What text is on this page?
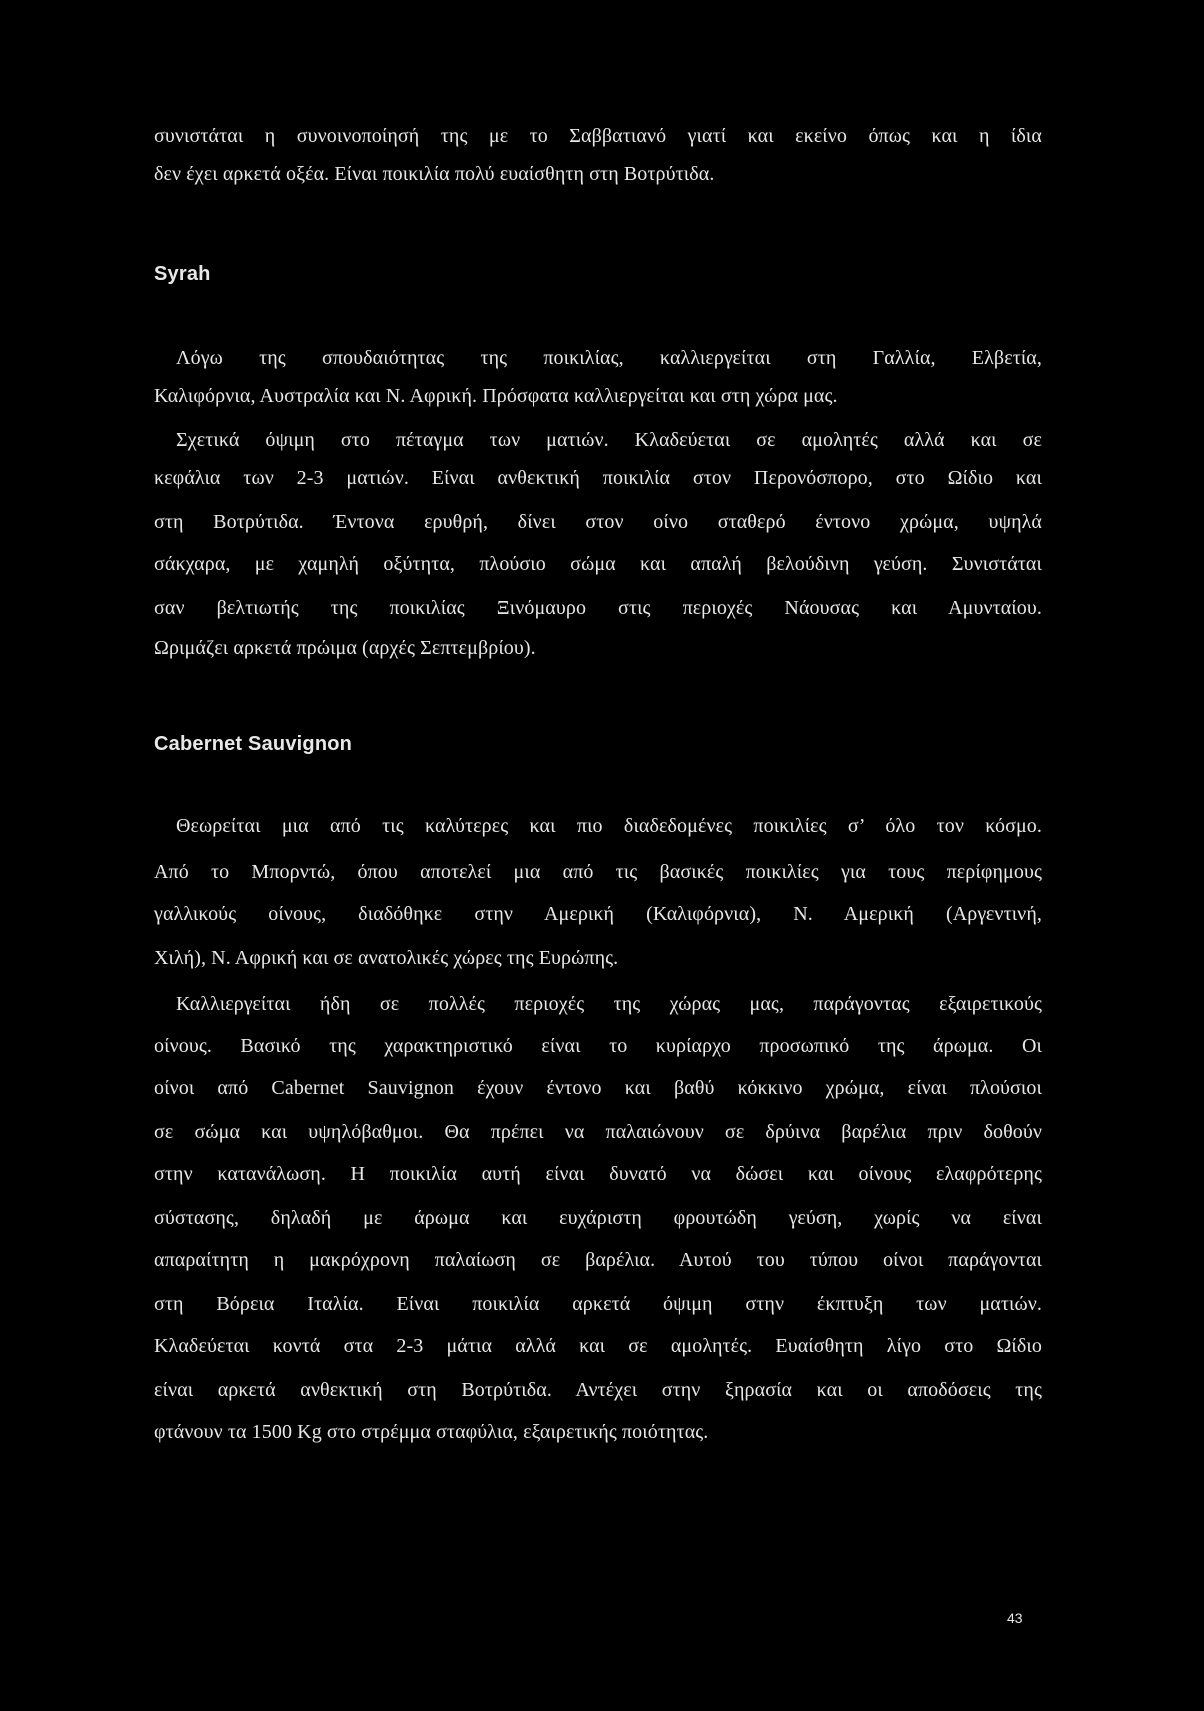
συνιστάται η συνοινοποίησή της με το Σαββατιανό γιατί και εκείνο όπως και η ίδια
δεν έχει αρκετά οξέα. Είναι ποικιλία πολύ ευαίσθητη στη Βοτρύτιδα.
Syrah
Λόγω της σπουδαιότητας της ποικιλίας, καλλιεργείται στη Γαλλία, Ελβετία,
Καλιφόρνια, Αυστραλία και Ν. Αφρική. Πρόσφατα καλλιεργείται και στη χώρα μας.
Σχετικά όψιμη στο πέταγμα των ματιών. Κλαδεύεται σε αμολητές αλλά και σε
κεφάλια των 2-3 ματιών. Είναι ανθεκτική ποικιλία στον Περονόσπορο, στο Ωίδιο και
στη Βοτρύτιδα. Έντονα ερυθρή, δίνει στον οίνο σταθερό έντονο χρώμα, υψηλά
σάκχαρα, με χαμηλή οξύτητα, πλούσιο σώμα και απαλή βελούδινη γεύση. Συνιστάται
σαν βελτιωτής της ποικιλίας Ξινόμαυρο στις περιοχές Νάουσας και Αμυνταίου.
Ωριμάζει αρκετά πρώιμα (αρχές Σεπτεμβρίου).
Cabernet Sauvignon
Θεωρείται μια από τις καλύτερες και πιο διαδεδομένες ποικιλίες σ’ όλο τον κόσμο.
Από το Μπορντώ, όπου αποτελεί μια από τις βασικές ποικιλίες για τους περίφημους
γαλλικούς οίνους, διαδόθηκε στην Αμερική (Καλιφόρνια), Ν. Αμερική (Αργεντινή,
Χιλή), Ν. Αφρική και σε ανατολικές χώρες της Ευρώπης.
Καλλιεργείται ήδη σε πολλές περιοχές της χώρας μας, παράγοντας εξαιρετικούς
οίνους. Βασικό της χαρακτηριστικό είναι το κυρίαρχο προσωπικό της άρωμα. Οι
οίνοι από Cabernet Sauvignon έχουν έντονο και βαθύ κόκκινο χρώμα, είναι πλούσιοι
σε σώμα και υψηλόβαθμοι. Θα πρέπει να παλαιώνουν σε δρύινα βαρέλια πριν δοθούν
στην κατανάλωση. Η ποικιλία αυτή είναι δυνατό να δώσει και οίνους ελαφρότερης
σύστασης, δηλαδή με άρωμα και ευχάριστη φρουτώδη γεύση, χωρίς να είναι
απαραίτητη η μακρόχρονη παλαίωση σε βαρέλια. Αυτού του τύπου οίνοι παράγονται
στη Βόρεια Ιταλία. Είναι ποικιλία αρκετά όψιμη στην έκπτυξη των ματιών.
Κλαδεύεται κοντά στα 2-3 μάτια αλλά και σε αμολητές. Ευαίσθητη λίγο στο Ωίδιο
είναι αρκετά ανθεκτική στη Βοτρύτιδα. Αντέχει στην ξηρασία και οι αποδόσεις της
φτάνουν τα 1500 Kg στο στρέμμα σταφύλια, εξαιρετικής ποιότητας.
43
